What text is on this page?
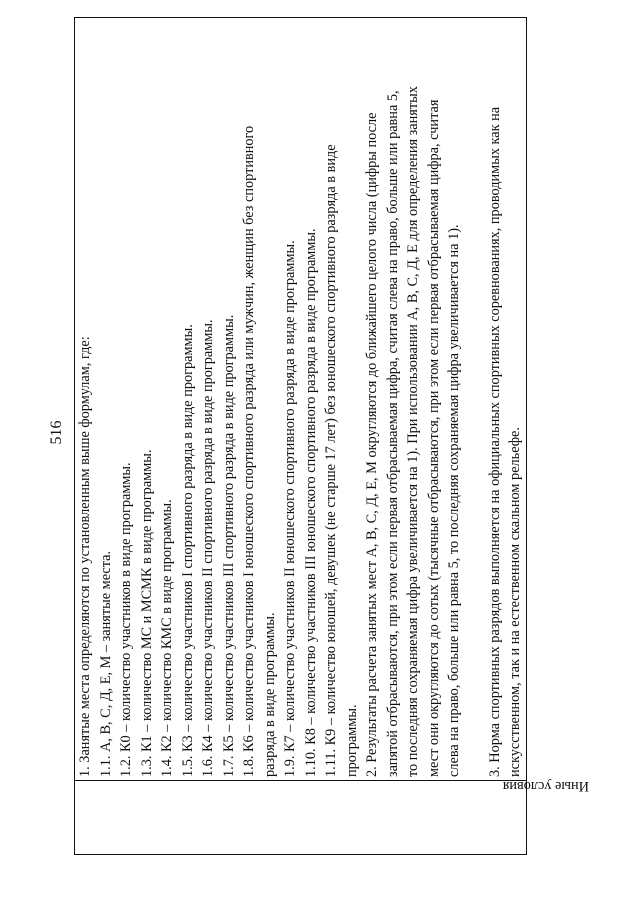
516
Иные условия

1. Занятые места определяются по установленным выше формулам, где: 1.1. А, В, С, Д, Е, М – занятые места. 1.2. К0 – количество участников в виде программы. 1.3. К1 – количество МС и МСМК в виде программы. 1.4. К2 – количество КМС в виде программы. 1.5. К3 – количество участников I спортивного разряда в виде программы. 1.6. К4 – количество участников II спортивного разряда в виде программы. 1.7. К5 – количество участников III спортивного разряда в виде программы. 1.8. К6 – количество участников I юношеского спортивного разряда или мужчин, женщин без спортивного разряда в виде программы. 1.9. К7 – количество участников II юношеского спортивного разряда в виде программы. 1.10. К8 – количество участников III юношеского спортивного разряда в виде программы. 1.11. К9 – количество юношей, девушек (не старше 17 лет) без юношеского спортивного разряда в виде программы. 2. Результаты расчета занятых мест А, В, С, Д, Е, М округляются до ближайшего целого числа (цифры после запятой отбрасываются, при этом если первая отбрасываемая цифра, считая слева на право, больше или равна 5, то последняя сохраняемая цифра увеличивается на 1). При использовании А, В, С, Д, Е для определения занятых мест они округляются до сотых (тысячные отбрасываются, при этом если первая отбрасываемая цифра, считая слева на право, больше или равна 5, то последняя сохраняемая цифра увеличивается на 1). 3. Норма спортивных разрядов выполняется на официальных спортивных соревнованиях, проводимых как на искусственном, так и на естественном скальном рельефе.
